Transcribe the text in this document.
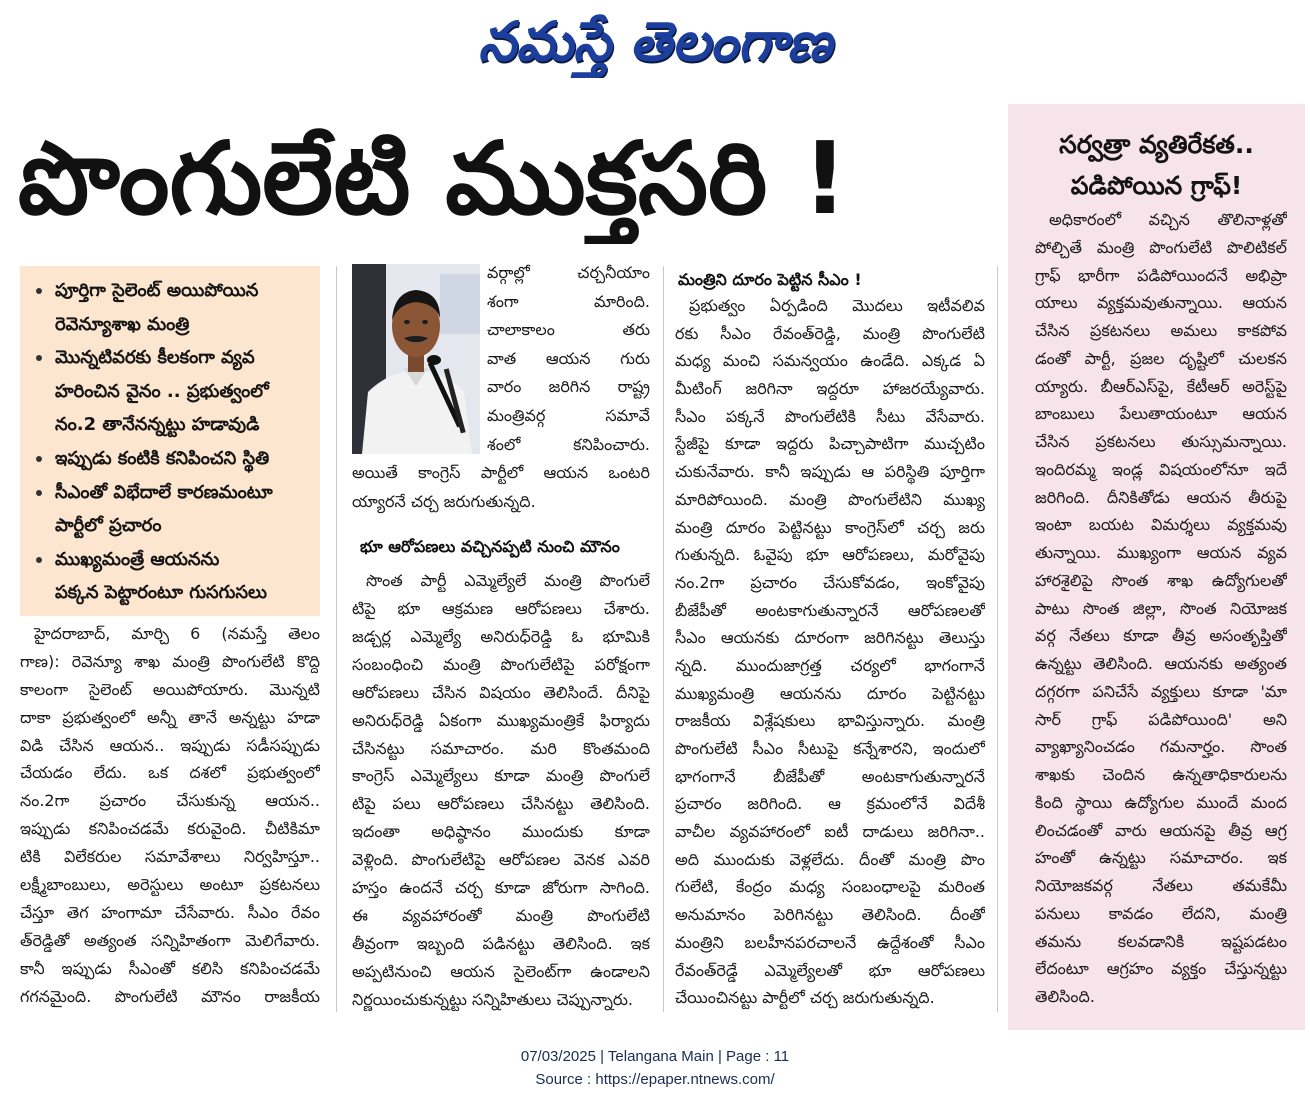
నమస్తే తెలంగాణ
పొంగులేటి ముక్తసరి !
పూర్తిగా సైలెంట్ అయిపోయిన
రెవెన్యూశాఖ మంత్రి
మొన్నటివరకు కీలకంగా వ్యవ
హరించిన వైనం .. ప్రభుత్వంలో
నం.2 తానేనన్నట్టు హడావుడి
ఇప్పుడు కంటికి కనిపించని స్థితి
సీఎంతో విభేదాలే కారణమంటూ
పార్టీలో ప్రచారం
ముఖ్యమంత్రే ఆయనను
పక్కన పెట్టారంటూ గుసగుసలు
హైదరాబాద్, మార్చి 6 (నమస్తే తెలం
గాణ): రెవెన్యూ శాఖ మంత్రి పొంగులేటి కొద్ది
కాలంగా సైలెంట్ అయిపోయారు. మొన్నటి
దాకా ప్రభుత్వంలో అన్నీ తానే అన్నట్టు హడా
విడి చేసిన ఆయన.. ఇప్పుడు సడీసప్పుడు
చేయడం లేదు. ఒక దశలో ప్రభుత్వంలో
నం.2గా ప్రచారం చేసుకున్న ఆయన..
ఇప్పుడు కనిపించడమే కరువైంది. చీటికిమా
టికి విలేకరుల సమావేశాలు నిర్వహిస్తూ..
లక్ష్మీబాంబులు, అరెస్టులు అంటూ ప్రకటనలు
చేస్తూ తెగ హంగామా చేసేవారు. సీఎం రేవం
త్‌రెడ్డితో అత్యంత సన్నిహితంగా మెలిగేవారు.
కానీ ఇప్పుడు సీఎంతో కలిసి కనిపించడమే
గగనమైంది. పొంగులేటి మౌనం రాజకీయ
వర్గాల్లో చర్చనీయాం
శంగా మారింది.
చాలాకాలం తరు
వాత ఆయన గురు
వారం జరిగిన రాష్ట్ర
మంత్రివర్గ సమావే
శంలో కనిపించారు.
అయితే కాంగ్రెస్ పార్టీలో ఆయన ఒంటరి
య్యారనే చర్చ జరుగుతున్నది.
భూ ఆరోపణలు వచ్చినప్పటి నుంచి మౌనం
సొంత పార్టీ ఎమ్మెల్యేలే మంత్రి పొంగులే
టిపై భూ ఆక్రమణ ఆరోపణలు చేశారు.
జడ్చర్ల ఎమ్మెల్యే అనిరుధ్‌రెడ్డి ఓ భూమికి
సంబంధించి మంత్రి పొంగులేటిపై పరోక్షంగా
ఆరోపణలు చేసిన విషయం తెలిసిందే. దీనిపై
అనిరుధ్‌రెడ్డి ఏకంగా ముఖ్యమంత్రికే ఫిర్యాదు
చేసినట్టు సమాచారం. మరి కొంతమంది
కాంగ్రెస్ ఎమ్మెల్యేలు కూడా మంత్రి పొంగులే
టిపై పలు ఆరోపణలు చేసినట్టు తెలిసింది.
ఇదంతా అధిష్ఠానం ముందుకు కూడా
వెళ్లింది. పొంగులేటిపై ఆరోపణల వెనక ఎవరి
హస్తం ఉందనే చర్చ కూడా జోరుగా సాగింది.
ఈ వ్యవహారంతో మంత్రి పొంగులేటి
తీవ్రంగా ఇబ్బంది పడినట్టు తెలిసింది. ఇక
అప్పటినుంచి ఆయన సైలెంట్‌గా ఉండాలని
నిర్ణయించుకున్నట్టు సన్నిహితులు చెప్పున్నారు.
మంత్రిని దూరం పెట్టిన సీఎం !
ప్రభుత్వం ఏర్పడింది మొదలు ఇటీవలివ
రకు సీఎం రేవంత్‌రెడ్డి, మంత్రి పొంగులేటి
మధ్య మంచి సమన్వయం ఉండేది. ఎక్కడ ఏ
మీటింగ్ జరిగినా ఇద్దరూ హాజరయ్యేవారు.
సీఎం పక్కనే పొంగులేటికి సీటు వేసేవారు.
స్టేజీపై కూడా ఇద్దరు పిచ్చాపాటిగా ముచ్చటిం
చుకునేవారు. కానీ ఇప్పుడు ఆ పరిస్థితి పూర్తిగా
మారిపోయింది. మంత్రి పొంగులేటిని ముఖ్య
మంత్రి దూరం పెట్టినట్టు కాంగ్రెస్‌లో చర్చ జరు
గుతున్నది. ఓవైపు భూ ఆరోపణలు, మరోవైపు
నం.2గా ప్రచారం చేసుకోవడం, ఇంకోవైపు
బీజేపీతో అంటకాగుతున్నారనే ఆరోపణలతో
సీఎం ఆయనకు దూరంగా జరిగినట్టు తెలుస్తు
న్నది. ముందుజాగ్రత్త చర్యలో భాగంగానే
ముఖ్యమంత్రి ఆయనను దూరం పెట్టినట్టు
రాజకీయ విశ్లేషకులు భావిస్తున్నారు. మంత్రి
పొంగులేటి సీఎం సీటుపై కన్నేశారని, ఇందులో
భాగంగానే బీజేపీతో అంటకాగుతున్నారనే
ప్రచారం జరిగింది. ఆ క్రమంలోనే విదేశీ
వాచీల వ్యవహారంలో ఐటీ దాడులు జరిగినా..
అది ముందుకు వెళ్లలేదు. దీంతో మంత్రి పొం
గులేటి, కేంద్రం మధ్య సంబంధాలపై మరింత
అనుమానం పెరిగినట్టు తెలిసింది. దీంతో
మంత్రిని బలహీనపరచాలనే ఉద్దేశంతో సీఎం
రేవంత్‌రెడ్డే ఎమ్మెల్యేలతో భూ ఆరోపణలు
చేయించినట్టు పార్టీలో చర్చ జరుగుతున్నది.
సర్వత్రా వ్యతిరేకత..
పడిపోయిన గ్రాఫ్!
అధికారంలో వచ్చిన తొలినాళ్లతో
పోల్చితే మంత్రి పొంగులేటి పొలిటికల్
గ్రాఫ్ భారీగా పడిపోయిందనే అభిప్రా
యాలు వ్యక్తమవుతున్నాయి. ఆయన
చేసిన ప్రకటనలు అమలు కాకపోవ
డంతో పార్టీ, ప్రజల దృష్టిలో చులకన
య్యారు. బీఆర్ఎస్‌పై, కేటీఆర్ అరెస్ట్‌పై
బాంబులు పేలుతాయంటూ ఆయన
చేసిన ప్రకటనలు తుస్సుమన్నాయి.
ఇందిరమ్మ ఇండ్ల విషయంలోనూ ఇదే
జరిగింది. దీనికితోడు ఆయన తీరుపై
ఇంటా బయట విమర్శలు వ్యక్తమవు
తున్నాయి. ముఖ్యంగా ఆయన వ్యవ
హారశైలిపై సొంత శాఖ ఉద్యోగులతో
పాటు సొంత జిల్లా, సొంత నియోజక
వర్గ నేతలు కూడా తీవ్ర అసంతృప్తితో
ఉన్నట్టు తెలిసింది. ఆయనకు అత్యంత
దగ్గరగా పనిచేసే వ్యక్తులు కూడా 'మా
సార్ గ్రాఫ్ పడిపోయింది' అని
వ్యాఖ్యానించడం గమనార్హం. సొంత
శాఖకు చెందిన ఉన్నతాధికారులను
కింది స్థాయి ఉద్యోగుల ముందే మంద
లించడంతో వారు ఆయనపై తీవ్ర ఆగ్ర
హంతో ఉన్నట్టు సమాచారం. ఇక
నియోజకవర్గ నేతలు తమకేమీ
పనులు కావడం లేదని, మంత్రి
తమను కలవడానికి ఇష్టపడటం
లేదంటూ ఆగ్రహం వ్యక్తం చేస్తున్నట్టు
తెలిసింది.
07/03/2025 | Telangana Main | Page : 11
Source : https://epaper.ntnews.com/
